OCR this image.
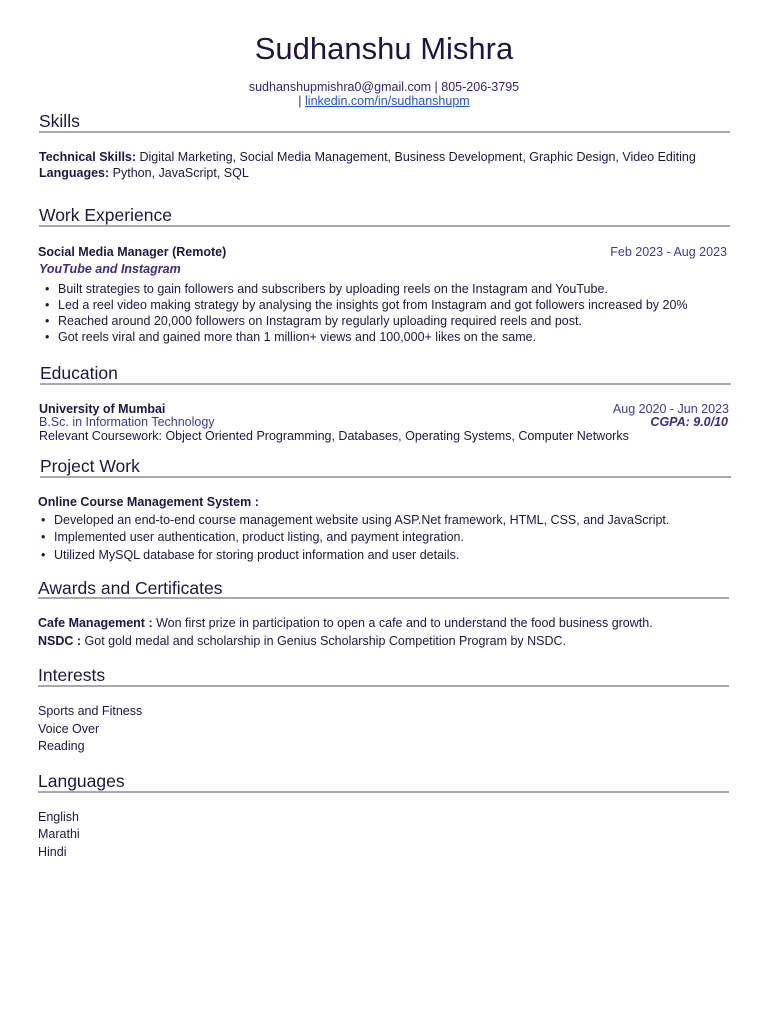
Sudhanshu Mishra
sudhanshupmishra0@gmail.com | 805-206-3795
| linkedin.com/in/sudhanshupm
Skills
Technical Skills: Digital Marketing, Social Media Management, Business Development, Graphic Design, Video Editing
Languages: Python, JavaScript, SQL
Work Experience
Social Media Manager (Remote)	Feb 2023 - Aug 2023
YouTube and Instagram
• Built strategies to gain followers and subscribers by uploading reels on the Instagram and YouTube.
• Led a reel video making strategy by analysing the insights got from Instagram and got followers increased by 20%
• Reached around 20,000 followers on Instagram by regularly uploading required reels and post.
• Got reels viral and gained more than 1 million+ views and 100,000+ likes on the same.
Education
University of Mumbai	Aug 2020 - Jun 2023
B.Sc. in Information Technology	CGPA: 9.0/10
Relevant Coursework: Object Oriented Programming, Databases, Operating Systems, Computer Networks
Project Work
Online Course Management System :
• Developed an end-to-end course management website using ASP.Net framework, HTML, CSS, and JavaScript.
• Implemented user authentication, product listing, and payment integration.
• Utilized MySQL database for storing product information and user details.
Awards and Certificates
Cafe Management : Won first prize in participation to open a cafe and to understand the food business growth.
NSDC : Got gold medal and scholarship in Genius Scholarship Competition Program by NSDC.
Interests
Sports and Fitness
Voice Over
Reading
Languages
English
Marathi
Hindi
